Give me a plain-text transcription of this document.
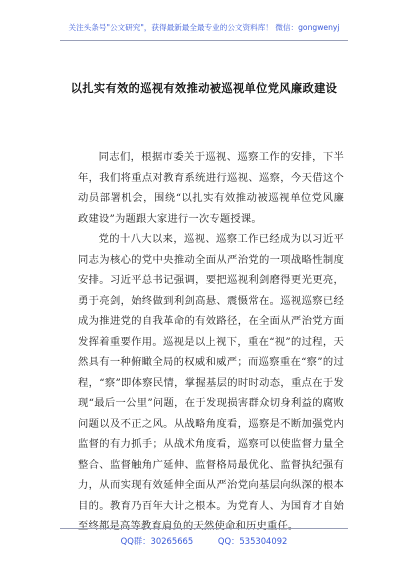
关注头条号"公文研究"，获得最新最全最专业的公文资料库！ 微信：gongwenyj
以扎实有效的巡视有效推动被巡视单位党风廉政建设

同志们，根据市委关于巡视、巡察工作的安排，下半年，我们将重点对教育系统进行巡视、巡察，今天借这个动员部署机会，围绕“以扎实有效推动被巡视单位党风廉政建设”为题跟大家进行一次专题授课。

党的十八大以来，巡视、巡察工作已经成为以习近平同志为核心的党中央推动全面从严治党的一项战略性制度安排。习近平总书记强调，要把巡视利剑磨得更光更亮，勇于亮剑，始终做到利剑高悬、震慑常在。巡视巡察已经成为推进党的自我革命的有效路径，在全面从严治党方面发挥着重要作用。巡视是以上视下，重在“视”的过程，天然具有一种俯瞰全局的权威和威严；而巡察重在“察”的过程，“察”即体察民情，掌握基层的时时动态，重点在于发现“最后一公里”问题，在于发现损害群众切身利益的腐败问题以及不正之风。从战略角度看，巡察是不断加强党内监督的有力抓手；从战术角度看，巡察可以使监督力量全整合、监督触角广延伸、监督格局最优化、监督执纪强有力，从而实现有效延伸全面从严治党向基层向纵深的根本目的。教育乃百年大计之根本。为党育人、为国育才自始至终都是高等教育肩负的天然使命和历史重任。

QQ群：30265665	QQ：535304092
